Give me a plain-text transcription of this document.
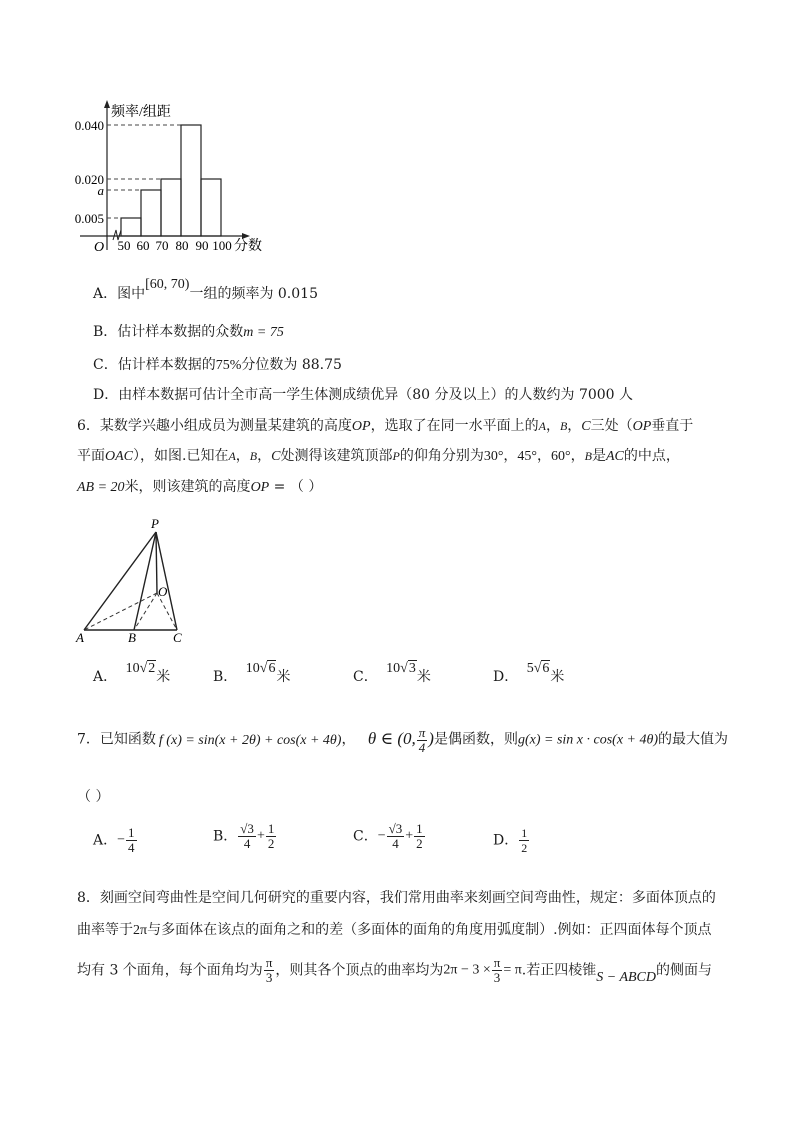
频率/组距
0.040
0.020
a
0.005
O 50 60 70 80 90 100 分数
A．图中[60, 70)一组的频率为 0.015
B．估计样本数据的众数m = 75
C．估计样本数据的75%分位数为 88.75
D．由样本数据可估计全市高一学生体测成绩优异（80 分及以上）的人数约为 7000 人
6．某数学兴趣小组成员为测量某建筑的高度OP，选取了在同一水平面上的A，B，C三处（OP垂直于
平面OAC），如图.已知在A，B，C处测得该建筑顶部P的仰角分别为30°，45°，60°，B是AC的中点，
AB = 20米，则该建筑的高度OP = （ ）
P
O
A	B	C
A． 10√2米	B． 10√6米	C． 10√3米	D． 5√6米
7．已知函数 f (x) = sin(x + 2θ) + cos(x + 4θ)， θ ∈ (0, $\frac{\pi}{4}$ )是偶函数，则g(x) = sin x · cos(x + 4θ)的最大值为
（ ）
A．− $\frac{1}{4}$	B． $\frac{√3}{4} + \frac{1}{2}$	C．− $\frac{√3}{4} + \frac{1}{2}$	D． $\frac{1}{2}$
8．刻画空间弯曲性是空间几何研究的重要内容，我们常用曲率来刻画空间弯曲性，规定：多面体顶点的
曲率等于2π与多面体在该点的面角之和的差（多面体的面角的角度用弧度制）.例如：正四面体每个顶点
均有 3 个面角，每个面角均为 $\frac{\pi}{3}$ ，则其各个顶点的曲率均为$2\pi - 3 \times \frac{\pi}{3} = \pi$.若正四棱锥S − ABCD的侧面与
